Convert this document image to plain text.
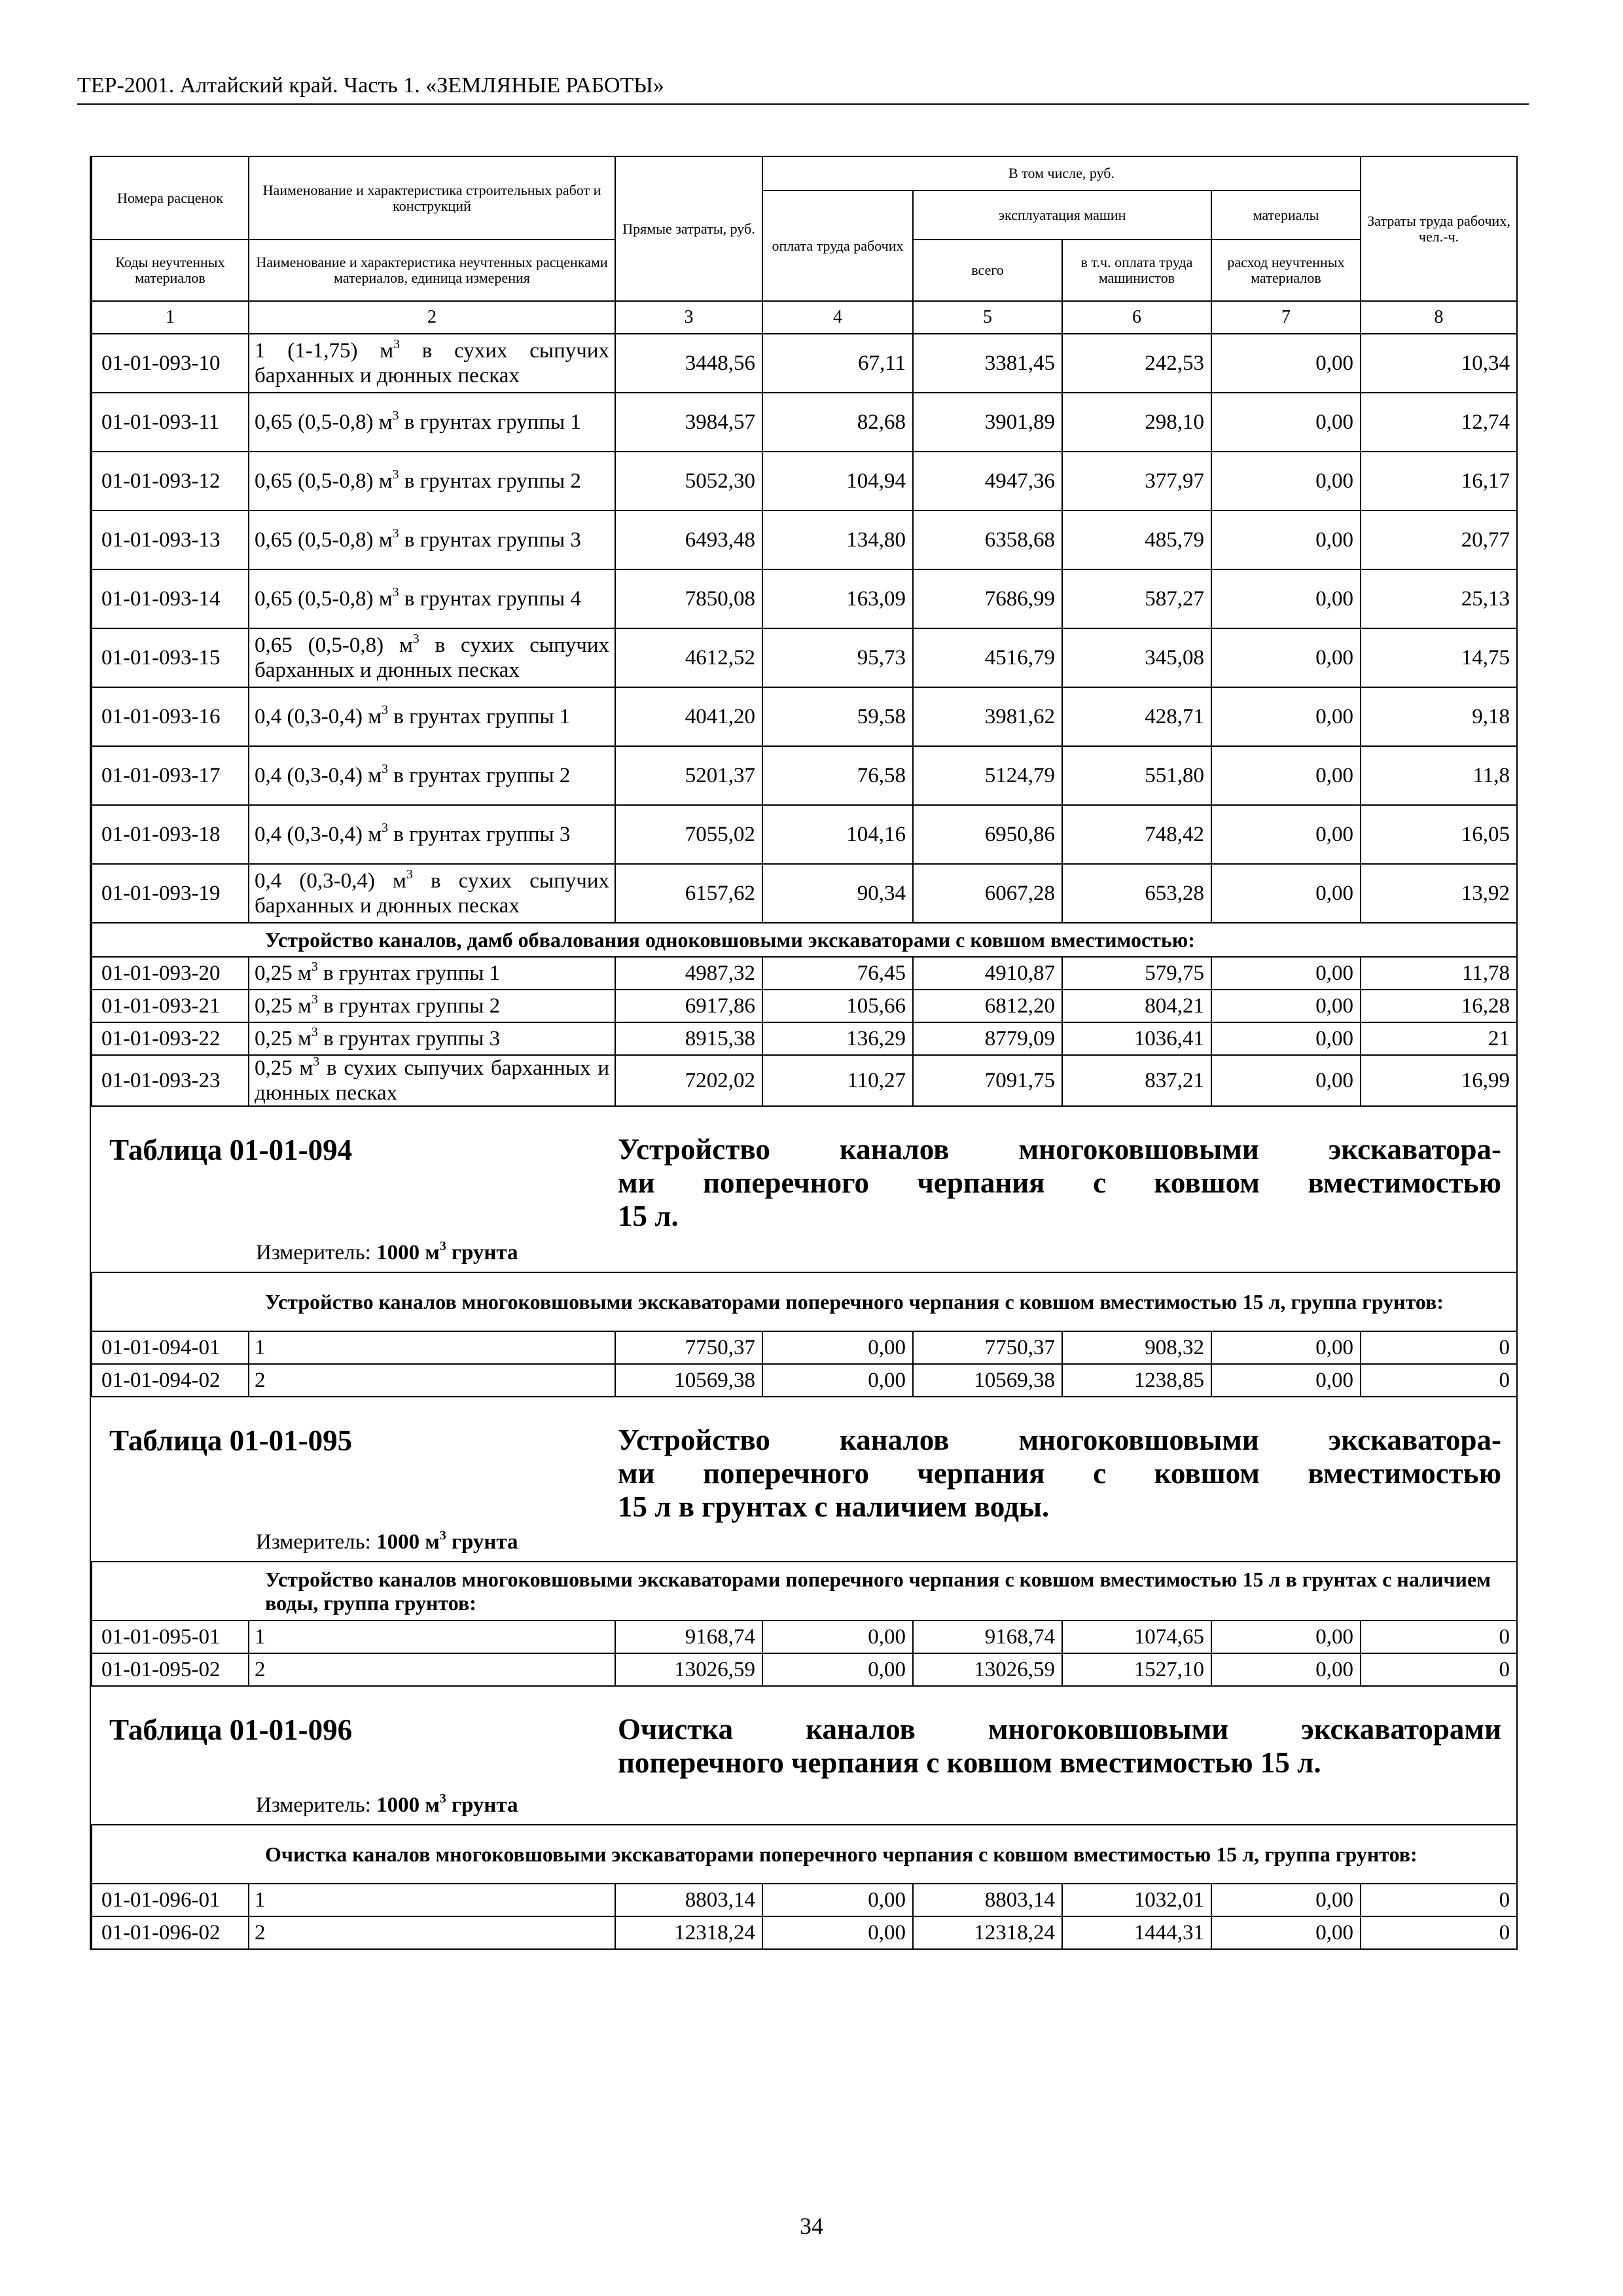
ТЕР-2001. Алтайский край. Часть 1. «ЗЕМЛЯНЫЕ РАБОТЫ»
Номера расценок	Наименование и характеристика строительных работ и конструкций	Прямые затраты, руб.	В том числе, руб.				Затраты труда рабочих, чел.-ч.
			оплата труда рабочих	эксплуатация машин		материалы	
Коды неучтенных материалов	Наименование и характеристика неучтенных расценками материалов, единица измерения			всего	в т.ч. оплата труда машинистов	расход неучтенных материалов	
1	2	3	4	5	6	7	8
01-01-093-10	1 (1-1,75) $м^3$ в сухих сыпучих барханных и дюнных песках	3448,56	67,11	3381,45	242,53	0,00	10,34
01-01-093-11	0,65 (0,5-0,8) $м^3$ в грунтах группы 1	3984,57	82,68	3901,89	298,10	0,00	12,74
01-01-093-12	0,65 (0,5-0,8) $м^3$ в грунтах группы 2	5052,30	104,94	4947,36	377,97	0,00	16,17
01-01-093-13	0,65 (0,5-0,8) $м^3$ в грунтах группы 3	6493,48	134,80	6358,68	485,79	0,00	20,77
01-01-093-14	0,65 (0,5-0,8) $м^3$ в грунтах группы 4	7850,08	163,09	7686,99	587,27	0,00	25,13
01-01-093-15	0,65 (0,5-0,8) $м^3$ в сухих сыпучих барханных и дюнных песках	4612,52	95,73	4516,79	345,08	0,00	14,75
01-01-093-16	0,4 (0,3-0,4) $м^3$ в грунтах группы 1	4041,20	59,58	3981,62	428,71	0,00	9,18
01-01-093-17	0,4 (0,3-0,4) $м^3$ в грунтах группы 2	5201,37	76,58	5124,79	551,80	0,00	11,8
01-01-093-18	0,4 (0,3-0,4) $м^3$ в грунтах группы 3	7055,02	104,16	6950,86	748,42	0,00	16,05
01-01-093-19	0,4 (0,3-0,4) $м^3$ в сухих сыпучих барханных и дюнных песках	6157,62	90,34	6067,28	653,28	0,00	13,92
	Устройство каналов, дамб обвалования одноковшовыми экскаваторами с ковшом вместимостью:						
01-01-093-20	0,25 $м^3$ в грунтах группы 1	4987,32	76,45	4910,87	579,75	0,00	11,78
01-01-093-21	0,25 $м^3$ в грунтах группы 2	6917,86	105,66	6812,20	804,21	0,00	16,28
01-01-093-22	0,25 $м^3$ в грунтах группы 3	8915,38	136,29	8779,09	1036,41	0,00	21
01-01-093-23	0,25 $м^3$ в сухих сыпучих барханных и дюнных песках	7202,02	110,27	7091,75	837,21	0,00	16,99
Таблица 01-01-094	Устройство каналов многоковшовыми экскаватора-
ми поперечного черпания с ковшом вместимостью
15 л.
Измеритель: 1000 $м^3$ грунта
	Устройство каналов многоковшовыми экскаваторами поперечного черпания с ковшом вместимостью 15 л, группа грунтов:						
01-01-094-01	1	7750,37	0,00	7750,37	908,32	0,00	0
01-01-094-02	2	10569,38	0,00	10569,38	1238,85	0,00	0
Таблица 01-01-095	Устройство каналов многоковшовыми экскаватора-
ми поперечного черпания с ковшом вместимостью
15 л в грунтах с наличием воды.
Измеритель: 1000 $м^3$ грунта
	Устройство каналов многоковшовыми экскаваторами поперечного черпания с ковшом вместимостью 15 л в грунтах с наличием воды, группа грунтов:						
01-01-095-01	1	9168,74	0,00	9168,74	1074,65	0,00	0
01-01-095-02	2	13026,59	0,00	13026,59	1527,10	0,00	0
Таблица 01-01-096	Очистка каналов многоковшовыми экскаваторами
поперечного черпания с ковшом вместимостью 15 л.
Измеритель: 1000 $м^3$ грунта
	Очистка каналов многоковшовыми экскаваторами поперечного черпания с ковшом вместимостью 15 л, группа грунтов:						
01-01-096-01	1	8803,14	0,00	8803,14	1032,01	0,00	0
01-01-096-02	2	12318,24	0,00	12318,24	1444,31	0,00	0
34
